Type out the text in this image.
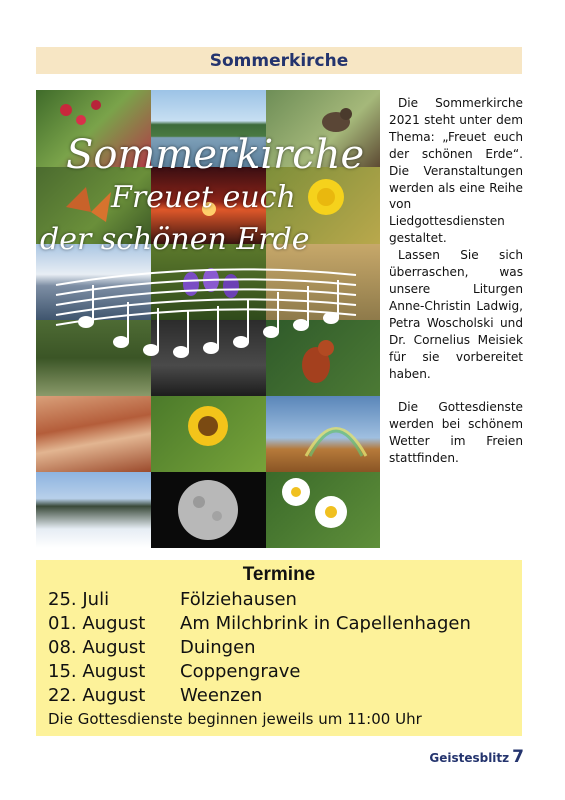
Sommerkirche
Sommerkirche
Freuet euch
der schönen Erde

Die Sommerkirche 2021 steht unter dem Thema: „Freuet euch der schönen Erde“. Die Veranstaltungen werden als eine Reihe von Liedgottesdiensten gestaltet.

Lassen Sie sich überraschen, was unsere Liturgen Anne-Christin Ladwig, Petra Woscholski und Dr. Cornelius Meisiek für sie vorbereitet haben.

Die Gottesdienste werden bei schönem Wetter im Freien stattfinden.

Termine
25. Juli	Fölziehausen
01. August Am Milchbrink in Capellenhagen
08. August Duingen
15. August Coppengrave
22. August Weenzen
Die Gottesdienste beginnen jeweils um 11:00 Uhr
Geistesblitz 7
